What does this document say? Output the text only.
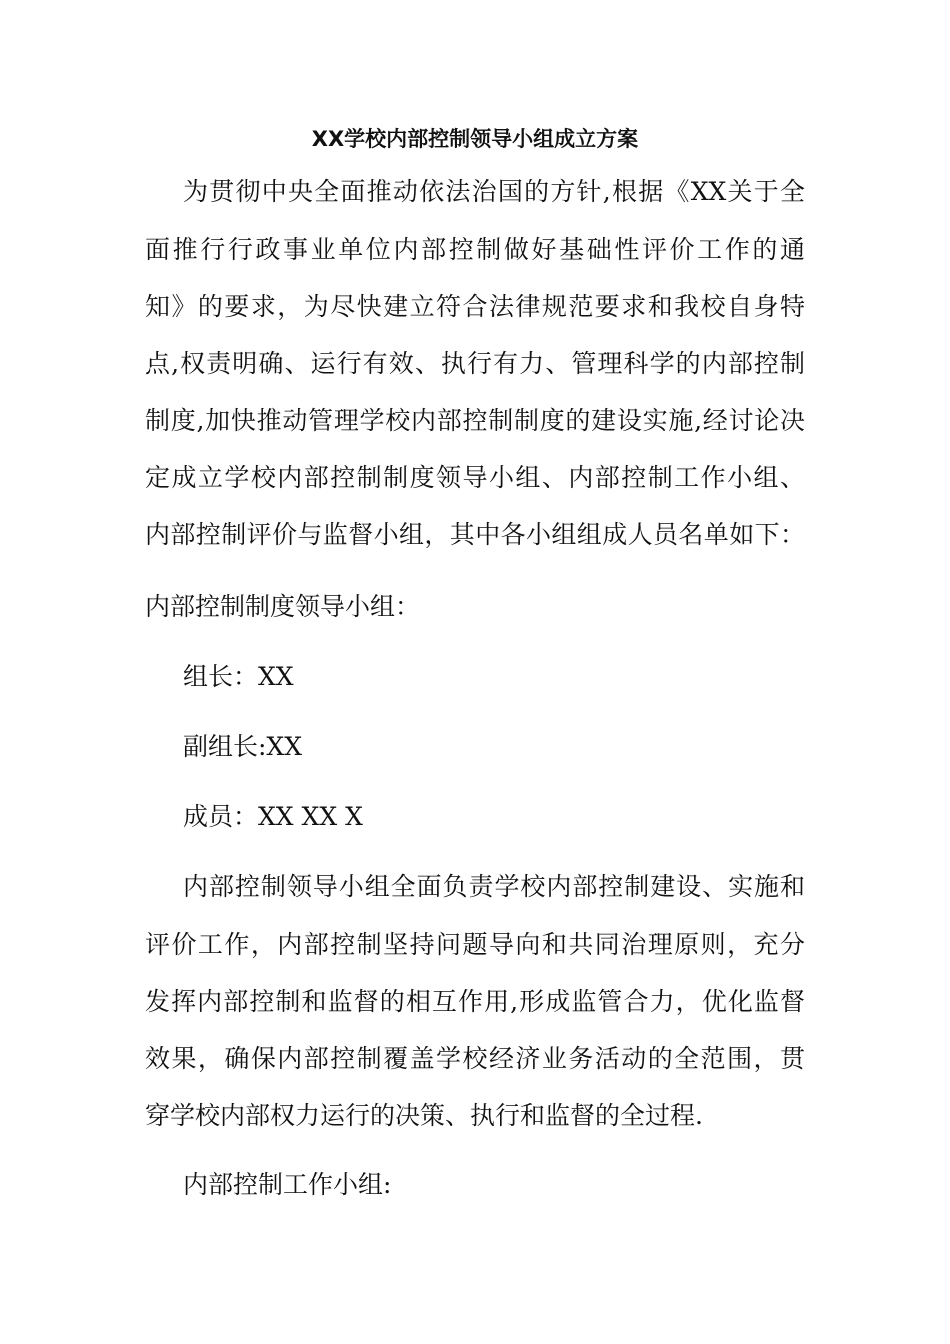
XX学校内部控制领导小组成立方案
为贯彻中央全面推动依法治国的方针,根据《XX关于全
面推行行政事业单位内部控制做好基础性评价工作的通
知》的要求，为尽快建立符合法律规范要求和我校自身特
点,权责明确、运行有效、执行有力、管理科学的内部控制
制度,加快推动管理学校内部控制制度的建设实施,经讨论决
定成立学校内部控制制度领导小组、内部控制工作小组、
内部控制评价与监督小组，其中各小组组成人员名单如下：
内部控制制度领导小组：
组长：XX
副组长:XX
成员：XX XX X
内部控制领导小组全面负责学校内部控制建设、实施和
评价工作，内部控制坚持问题导向和共同治理原则，充分
发挥内部控制和监督的相互作用,形成监管合力，优化监督
效果，确保内部控制覆盖学校经济业务活动的全范围，贯
穿学校内部权力运行的决策、执行和监督的全过程.
内部控制工作小组:
